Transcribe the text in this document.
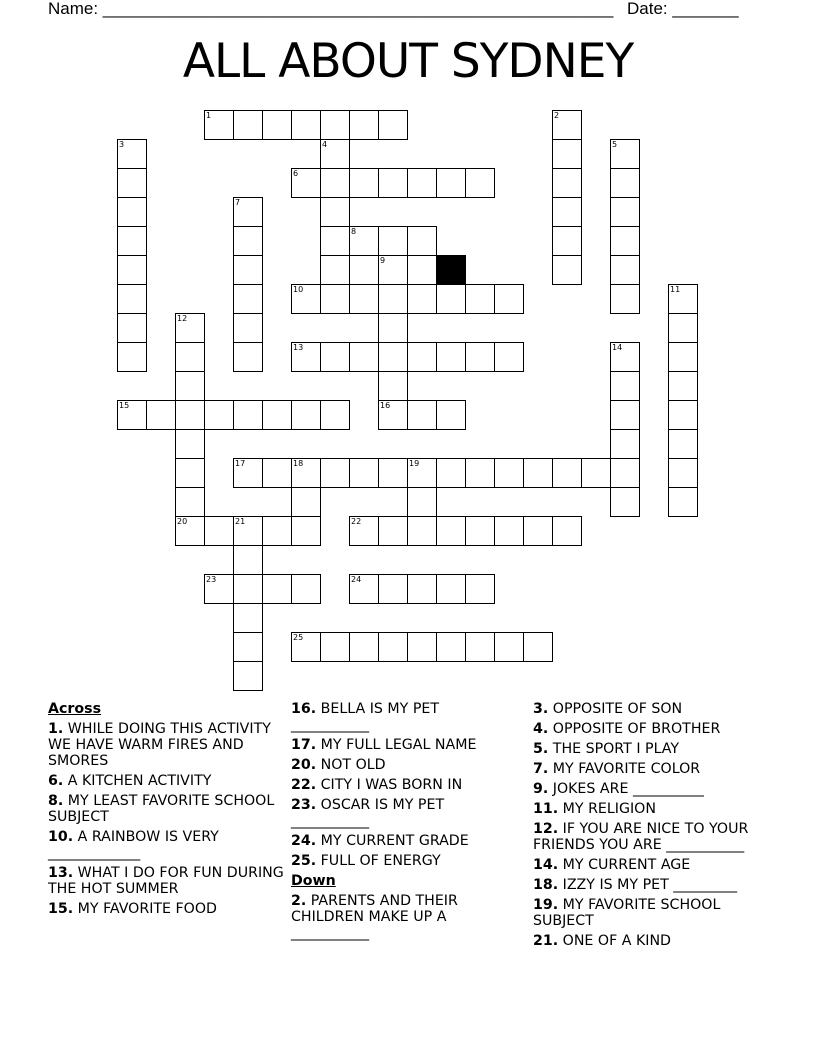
Name: ______________________________________________________ Date: _______
ALL ABOUT SYDNEY
1	2
3	4	5
6
7
8
9
16
10	11
12
20
13	14
15
17	18	19
21	22
23	24
25
Across
1. WHILE DOING THIS ACTIVITY WE HAVE WARM FIRES AND SMORES
6. A KITCHEN ACTIVITY
8. MY LEAST FAVORITE SCHOOL SUBJECT
10. A RAINBOW IS VERY _____________
13. WHAT I DO FOR FUN DURING THE HOT SUMMER
15. MY FAVORITE FOOD
16. BELLA IS MY PET ___________
17. MY FULL LEGAL NAME
20. NOT OLD
22. CITY I WAS BORN IN
23. OSCAR IS MY PET ___________
24. MY CURRENT GRADE
25. FULL OF ENERGY
Down
2. PARENTS AND THEIR CHILDREN MAKE UP A ___________
3. OPPOSITE OF SON
4. OPPOSITE OF BROTHER
5. THE SPORT I PLAY
7. MY FAVORITE COLOR
9. JOKES ARE __________
11. MY RELIGION
12. IF YOU ARE NICE TO YOUR FRIENDS YOU ARE ___________
14. MY CURRENT AGE
18. IZZY IS MY PET _________
19. MY FAVORITE SCHOOL SUBJECT
21. ONE OF A KIND
